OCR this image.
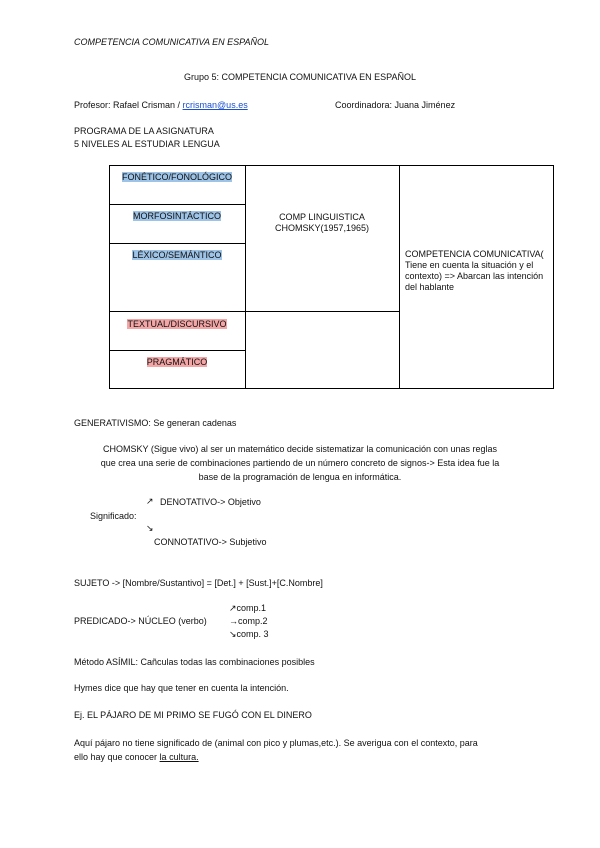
COMPETENCIA COMUNICATIVA EN ESPAÑOL
Grupo 5: COMPETENCIA COMUNICATIVA EN ESPAÑOL
Profesor: Rafael Crisman / rcrisman@us.es	Coordinadora: Juana Jiménez
PROGRAMA DE LA ASIGNATURA
5 NIVELES AL ESTUDIAR LENGUA
FONÉTICO/FONOLÓGICO
MORFOSINTÁCTICO
LÉXICO/SEMÁNTICO
TEXTUAL/DISCURSIVO
PRAGMÁTICO
COMP LINGUISTICA
CHOMSKY(1957,1965)
COMPETENCIA COMUNICATIVA( Tiene en cuenta la situación y el contexto) => Abarcan las intención del hablante
GENERATIVISMO: Se generan cadenas
CHOMSKY (Sigue vivo) al ser un matemático decide sistematizar la comunicación con unas reglas
que crea una serie de combinaciones partiendo de un número concreto de signos-> Esta idea fue la
base de la programación de lengua en informática.
↗ DENOTATIVO-> Objetivo
Significado:
↘
CONNOTATIVO-> Subjetivo
SUJETO -> [Nombre/Sustantivo] = [Det.] + [Sust.]+[C.Nombre]
↗comp.1
PREDICADO-> NÚCLEO (verbo) →comp.2
↘comp. 3
Método ASÍMIL: Cañculas todas las combinaciones posibles
Hymes dice que hay que tener en cuenta la intención.
Ej. EL PÁJARO DE MI PRIMO SE FUGÓ CON EL DINERO
Aquí pájaro no tiene significado de (animal con pico y plumas,etc.). Se averigua con el contexto, para
ello hay que conocer la cultura.
